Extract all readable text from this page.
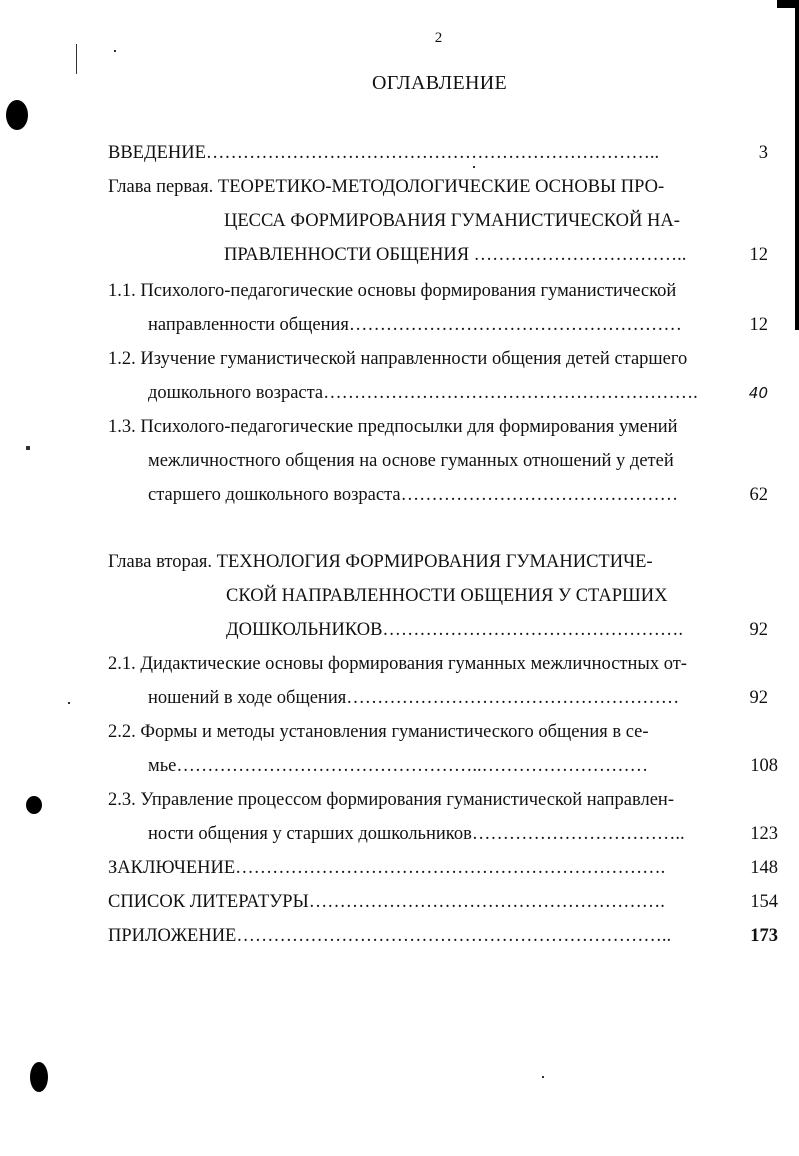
2
ОГЛАВЛЕНИЕ
ВВЕДЕНИЕ………………………………………………………………..	3
Глава первая. ТЕОРЕТИКО-МЕТОДОЛОГИЧЕСКИЕ ОСНОВЫ ПРО-
ЦЕССА ФОРМИРОВАНИЯ ГУМАНИСТИЧЕСКОЙ НА-
ПРАВЛЕННОСТИ ОБЩЕНИЯ ……………………………..	12
1.1. Психолого-педагогические основы формирования гуманистической
направленности общения………………………………………………	12
1.2. Изучение гуманистической направленности общения детей старшего
дошкольного возраста…………………………………………………….	40
1.3. Психолого-педагогические предпосылки для формирования умений
межличностного общения на основе гуманных отношений у детей
старшего дошкольного возраста………………………………………	62
Глава вторая. ТЕХНОЛОГИЯ ФОРМИРОВАНИЯ ГУМАНИСТИЧЕ-
СКОЙ НАПРАВЛЕННОСТИ ОБЩЕНИЯ У СТАРШИХ
ДОШКОЛЬНИКОВ………………………………………….	92
2.1. Дидактические основы формирования гуманных межличностных от-
ношений в ходе общения………………………………………………	92
2.2. Формы и методы установления гуманистического общения в се-
мье…………………………………………..………………………	108
2.3. Управление процессом формирования гуманистической направлен-
ности общения у старших дошкольников……………………………..	123
ЗАКЛЮЧЕНИЕ…………………………………………………………….	148
СПИСОК ЛИТЕРАТУРЫ………………………………………………….	154
ПРИЛОЖЕНИЕ……………………………………………………………..	173
